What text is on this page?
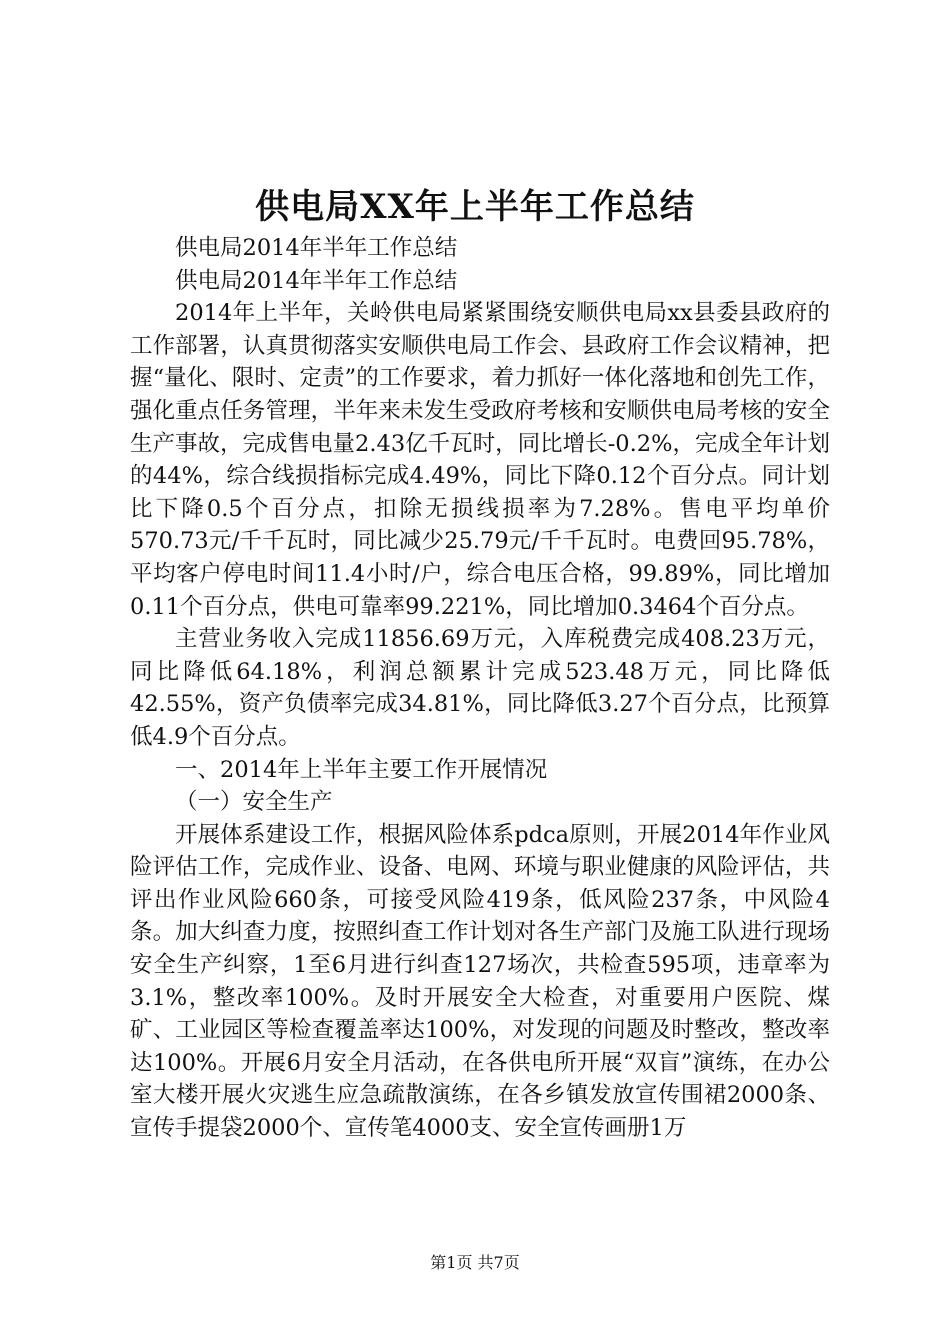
供电局XX年上半年工作总结

供电局2014年半年工作总结

供电局2014年半年工作总结

2014年上半年，关岭供电局紧紧围绕安顺供电局xx县委县政府的工作部署，认真贯彻落实安顺供电局工作会、县政府工作会议精神，把握“量化、限时、定责”的工作要求，着力抓好一体化落地和创先工作，强化重点任务管理，半年来未发生受政府考核和安顺供电局考核的安全生产事故，完成售电量2.43亿千瓦时，同比增长-0.2%，完成全年计划的44%，综合线损指标完成4.49%，同比下降0.12个百分点。同计划比下降0.5个百分点，扣除无损线损率为7.28%。售电平均单价570.73元/千千瓦时，同比减少25.79元/千千瓦时。电费回95.78%，平均客户停电时间11.4小时/户，综合电压合格，99.89%，同比增加0.11个百分点，供电可靠率99.221%，同比增加0.3464个百分点。

主营业务收入完成11856.69万元，入库税费完成408.23万元，同比降低64.18%，利润总额累计完成523.48万元，同比降低42.55%，资产负债率完成34.81%，同比降低3.27个百分点，比预算低4.9个百分点。

一、2014年上半年主要工作开展情况

（一）安全生产

开展体系建设工作，根据风险体系pdca原则，开展2014年作业风险评估工作，完成作业、设备、电网、环境与职业健康的风险评估，共评出作业风险660条，可接受风险419条，低风险237条，中风险4条。加大纠查力度，按照纠查工作计划对各生产部门及施工队进行现场安全生产纠察，1至6月进行纠查127场次，共检查595项，违章率为3.1%，整改率100%。及时开展安全大检查，对重要用户医院、煤矿、工业园区等检查覆盖率达100%，对发现的问题及时整改，整改率达100%。开展6月安全月活动，在各供电所开展“双盲”演练，在办公室大楼开展火灾逃生应急疏散演练，在各乡镇发放宣传围裙2000条、宣传手提袋2000个、宣传笔4000支、安全宣传画册1万

第1页 共7页
